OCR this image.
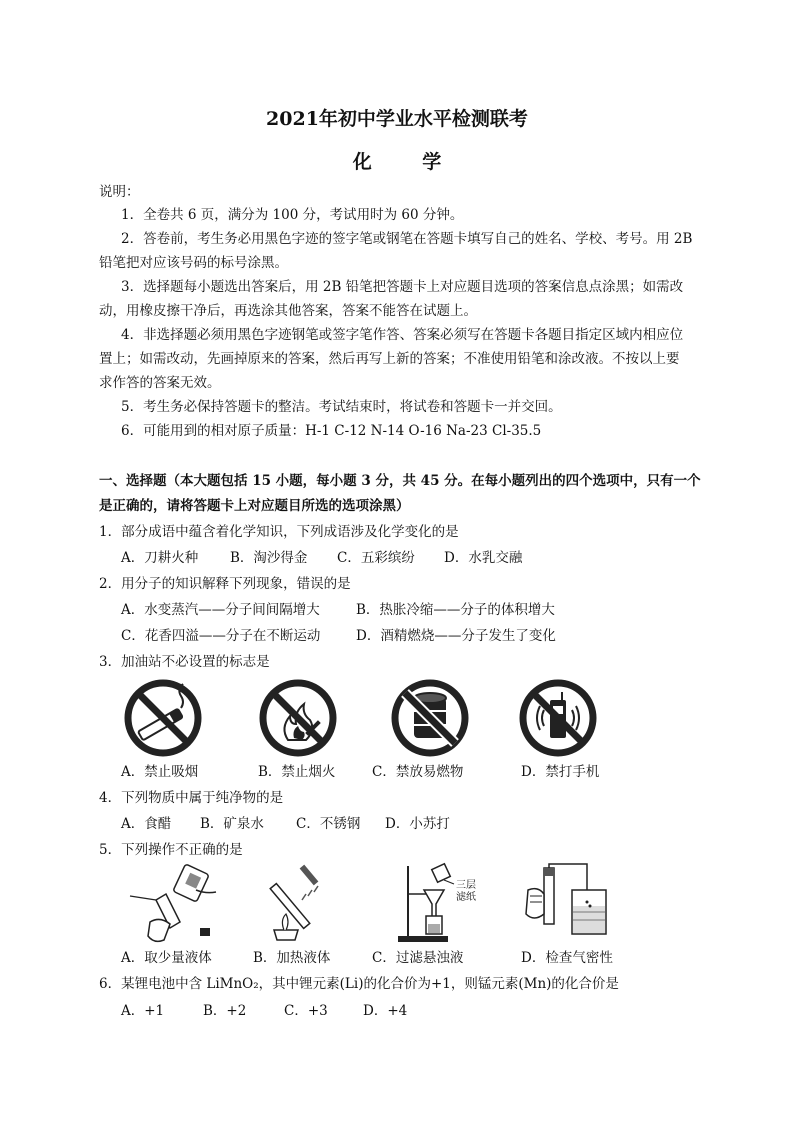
2021年初中学业水平检测联考
化 学
说明：
1．全卷共 6 页，满分为 100 分，考试用时为 60 分钟。
2．答卷前，考生务必用黑色字迹的签字笔或钢笔在答题卡填写自己的姓名、学校、考号。用 2B
铅笔把对应该号码的标号涂黑。
3．选择题每小题选出答案后，用 2B 铅笔把答题卡上对应题目选项的答案信息点涂黑；如需改
动，用橡皮擦干净后，再选涂其他答案，答案不能答在试题上。
4．非选择题必须用黑色字迹钢笔或签字笔作答、答案必须写在答题卡各题目指定区域内相应位
置上；如需改动，先画掉原来的答案，然后再写上新的答案；不准使用铅笔和涂改液。不按以上要
求作答的答案无效。
5．考生务必保持答题卡的整洁。考试结束时，将试卷和答题卡一并交回。
6．可能用到的相对原子质量：H-1 C-12 N-14 O-16 Na-23 Cl-35.5
一、选择题（本大题包括 15 小题，每小题 3 分，共 45 分。在每小题列出的四个选项中，只有一个
是正确的，请将答题卡上对应题目所选的选项涂黑）
1．部分成语中蕴含着化学知识，下列成语涉及化学变化的是
A．刀耕火种 B．淘沙得金 C．五彩缤纷 D．水乳交融
2．用分子的知识解释下列现象，错误的是
A．水变蒸汽——分子间间隔增大	B．热胀冷缩——分子的体积增大
C．花香四溢——分子在不断运动	D．酒精燃烧——分子发生了变化
3．加油站不必设置的标志是
A．禁止吸烟	B．禁止烟火	C．禁放易燃物	D．禁打手机
4．下列物质中属于纯净物的是
A．食醋 B．矿泉水 C．不锈钢 D．小苏打
5．下列操作不正确的是
三层
滤纸
A．取少量液体	B．加热液体	C．过滤悬浊液	D．检查气密性
6．某锂电池中含 LiMnO₂，其中锂元素(Li)的化合价为+1，则锰元素(Mn)的化合价是
A．+1	B．+2	C．+3	D．+4
